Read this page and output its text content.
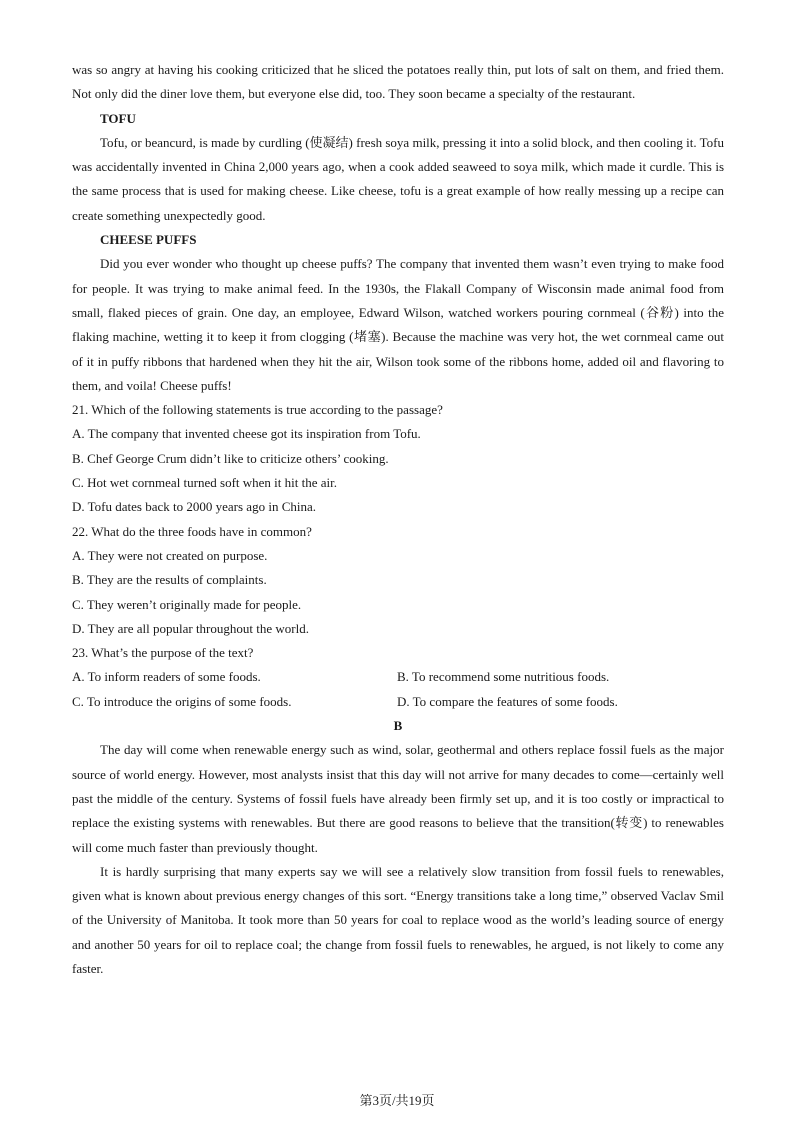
was so angry at having his cooking criticized that he sliced the potatoes really thin, put lots of salt on them, and fried them. Not only did the diner love them, but everyone else did, too. They soon became a specialty of the restaurant.

TOFU

Tofu, or beancurd, is made by curdling (使凝结) fresh soya milk, pressing it into a solid block, and then cooling it. Tofu was accidentally invented in China 2,000 years ago, when a cook added seaweed to soya milk, which made it curdle. This is the same process that is used for making cheese. Like cheese, tofu is a great example of how really messing up a recipe can create something unexpectedly good.

CHEESE PUFFS

Did you ever wonder who thought up cheese puffs? The company that invented them wasn’t even trying to make food for people. It was trying to make animal feed. In the 1930s, the Flakall Company of Wisconsin made animal food from small, flaked pieces of grain. One day, an employee, Edward Wilson, watched workers pouring cornmeal (谷粉) into the flaking machine, wetting it to keep it from clogging (堵塞). Because the machine was very hot, the wet cornmeal came out of it in puffy ribbons that hardened when they hit the air, Wilson took some of the ribbons home, added oil and flavoring to them, and voila! Cheese puffs!

21. Which of the following statements is true according to the passage?
A. The company that invented cheese got its inspiration from Tofu.
B. Chef George Crum didn’t like to criticize others’ cooking.
C. Hot wet cornmeal turned soft when it hit the air.
D. Tofu dates back to 2000 years ago in China.
22. What do the three foods have in common?
A. They were not created on purpose.
B. They are the results of complaints.
C. They weren’t originally made for people.
D. They are all popular throughout the world.
23. What’s the purpose of the text?
A. To inform readers of some foods.	B. To recommend some nutritious foods.
C. To introduce the origins of some foods.	D. To compare the features of some foods.
B

The day will come when renewable energy such as wind, solar, geothermal and others replace fossil fuels as the major source of world energy. However, most analysts insist that this day will not arrive for many decades to come—certainly well past the middle of the century. Systems of fossil fuels have already been firmly set up, and it is too costly or impractical to replace the existing systems with renewables. But there are good reasons to believe that the transition(转变) to renewables will come much faster than previously thought.

It is hardly surprising that many experts say we will see a relatively slow transition from fossil fuels to renewables, given what is known about previous energy changes of this sort. “Energy transitions take a long time,” observed Vaclav Smil of the University of Manitoba. It took more than 50 years for coal to replace wood as the world’s leading source of energy and another 50 years for oil to replace coal; the change from fossil fuels to renewables, he argued, is not likely to come any faster.

第3页/共19页
